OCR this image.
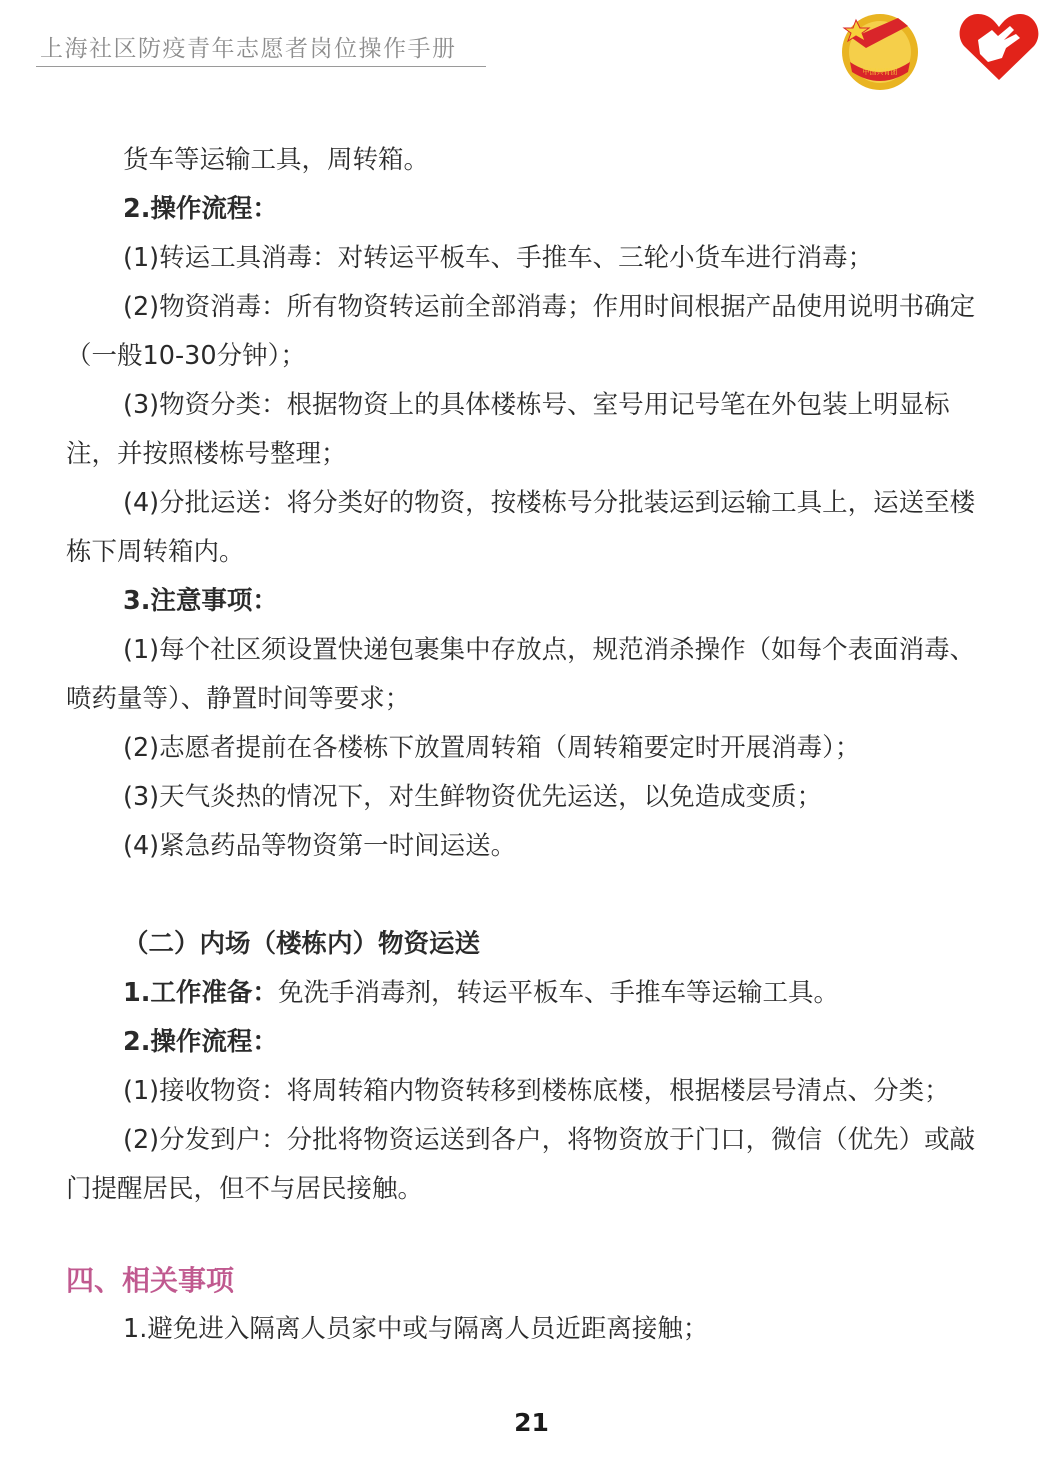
上海社区防疫青年志愿者岗位操作手册
中国共青团

货车等运输工具，周转箱。

2.操作流程：

(1)转运工具消毒：对转运平板车、手推车、三轮小货车进行消毒；

(2)物资消毒：所有物资转运前全部消毒；作用时间根据产品使用说明书确定（一般10-30分钟）；

(3)物资分类：根据物资上的具体楼栋号、室号用记号笔在外包装上明显标注，并按照楼栋号整理；

(4)分批运送：将分类好的物资，按楼栋号分批装运到运输工具上，运送至楼栋下周转箱内。

3.注意事项：

(1)每个社区须设置快递包裹集中存放点，规范消杀操作（如每个表面消毒、喷药量等）、静置时间等要求；

(2)志愿者提前在各楼栋下放置周转箱（周转箱要定时开展消毒）；

(3)天气炎热的情况下，对生鲜物资优先运送，以免造成变质；

(4)紧急药品等物资第一时间运送。

（二）内场（楼栋内）物资运送

1.工作准备：免洗手消毒剂，转运平板车、手推车等运输工具。

2.操作流程：

(1)接收物资：将周转箱内物资转移到楼栋底楼，根据楼层号清点、分类；

(2)分发到户：分批将物资运送到各户，将物资放于门口，微信（优先）或敲门提醒居民，但不与居民接触。

四、相关事项

1.避免进入隔离人员家中或与隔离人员近距离接触；

21
